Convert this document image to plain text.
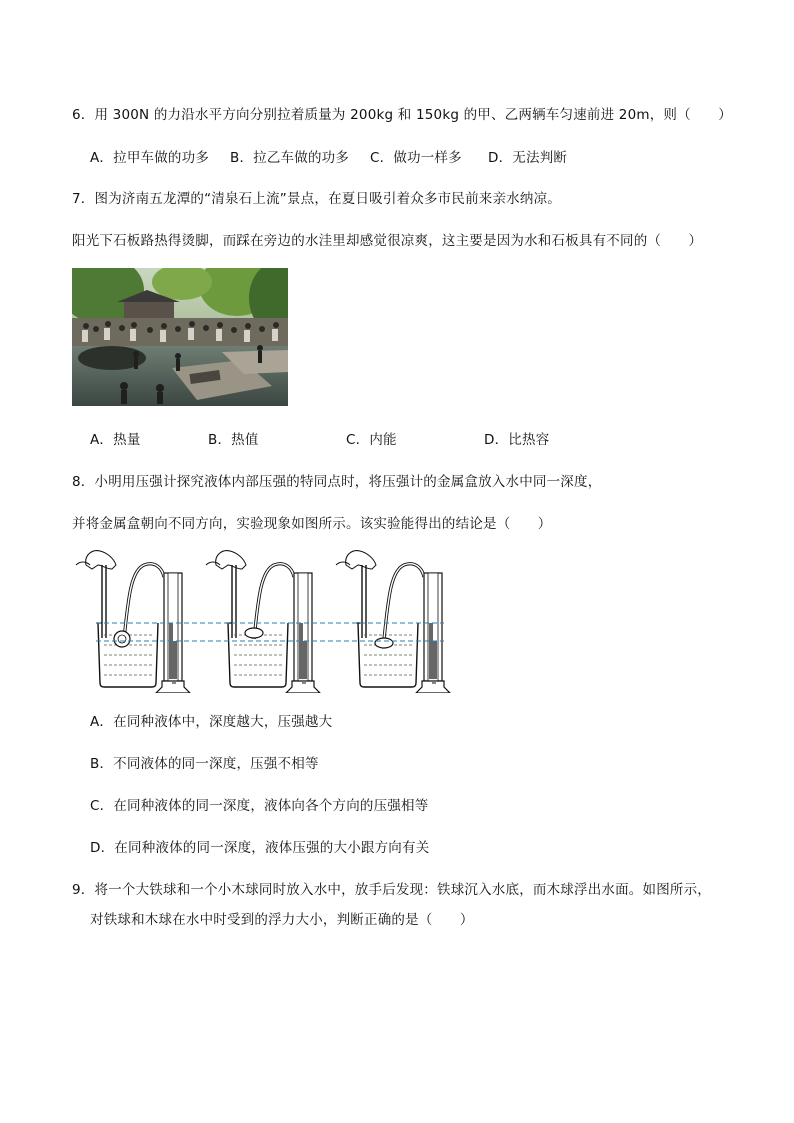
6．用 300N 的力沿水平方向分别拉着质量为 200kg 和 150kg 的甲、乙两辆车匀速前进 20m，则（　　）
A．拉甲车做的功多 B．拉乙车做的功多 C．做功一样多 D．无法判断
7．图为济南五龙潭的“清泉石上流”景点，在夏日吸引着众多市民前来亲水纳凉。
阳光下石板路热得烫脚，而踩在旁边的水洼里却感觉很凉爽，这主要是因为水和石板具有不同的（　　）
A．热量	B．热值	C．内能	D．比热容
8．小明用压强计探究液体内部压强的特同点时，将压强计的金属盒放入水中同一深度，
并将金属盒朝向不同方向，实验现象如图所示。该实验能得出的结论是（　　）
A．在同种液体中，深度越大，压强越大
B．不同液体的同一深度，压强不相等
C．在同种液体的同一深度，液体向各个方向的压强相等
D．在同种液体的同一深度，液体压强的大小跟方向有关
9．将一个大铁球和一个小木球同时放入水中，放手后发现：铁球沉入水底，而木球浮出水面。如图所示，
对铁球和木球在水中时受到的浮力大小，判断正确的是（　　）
